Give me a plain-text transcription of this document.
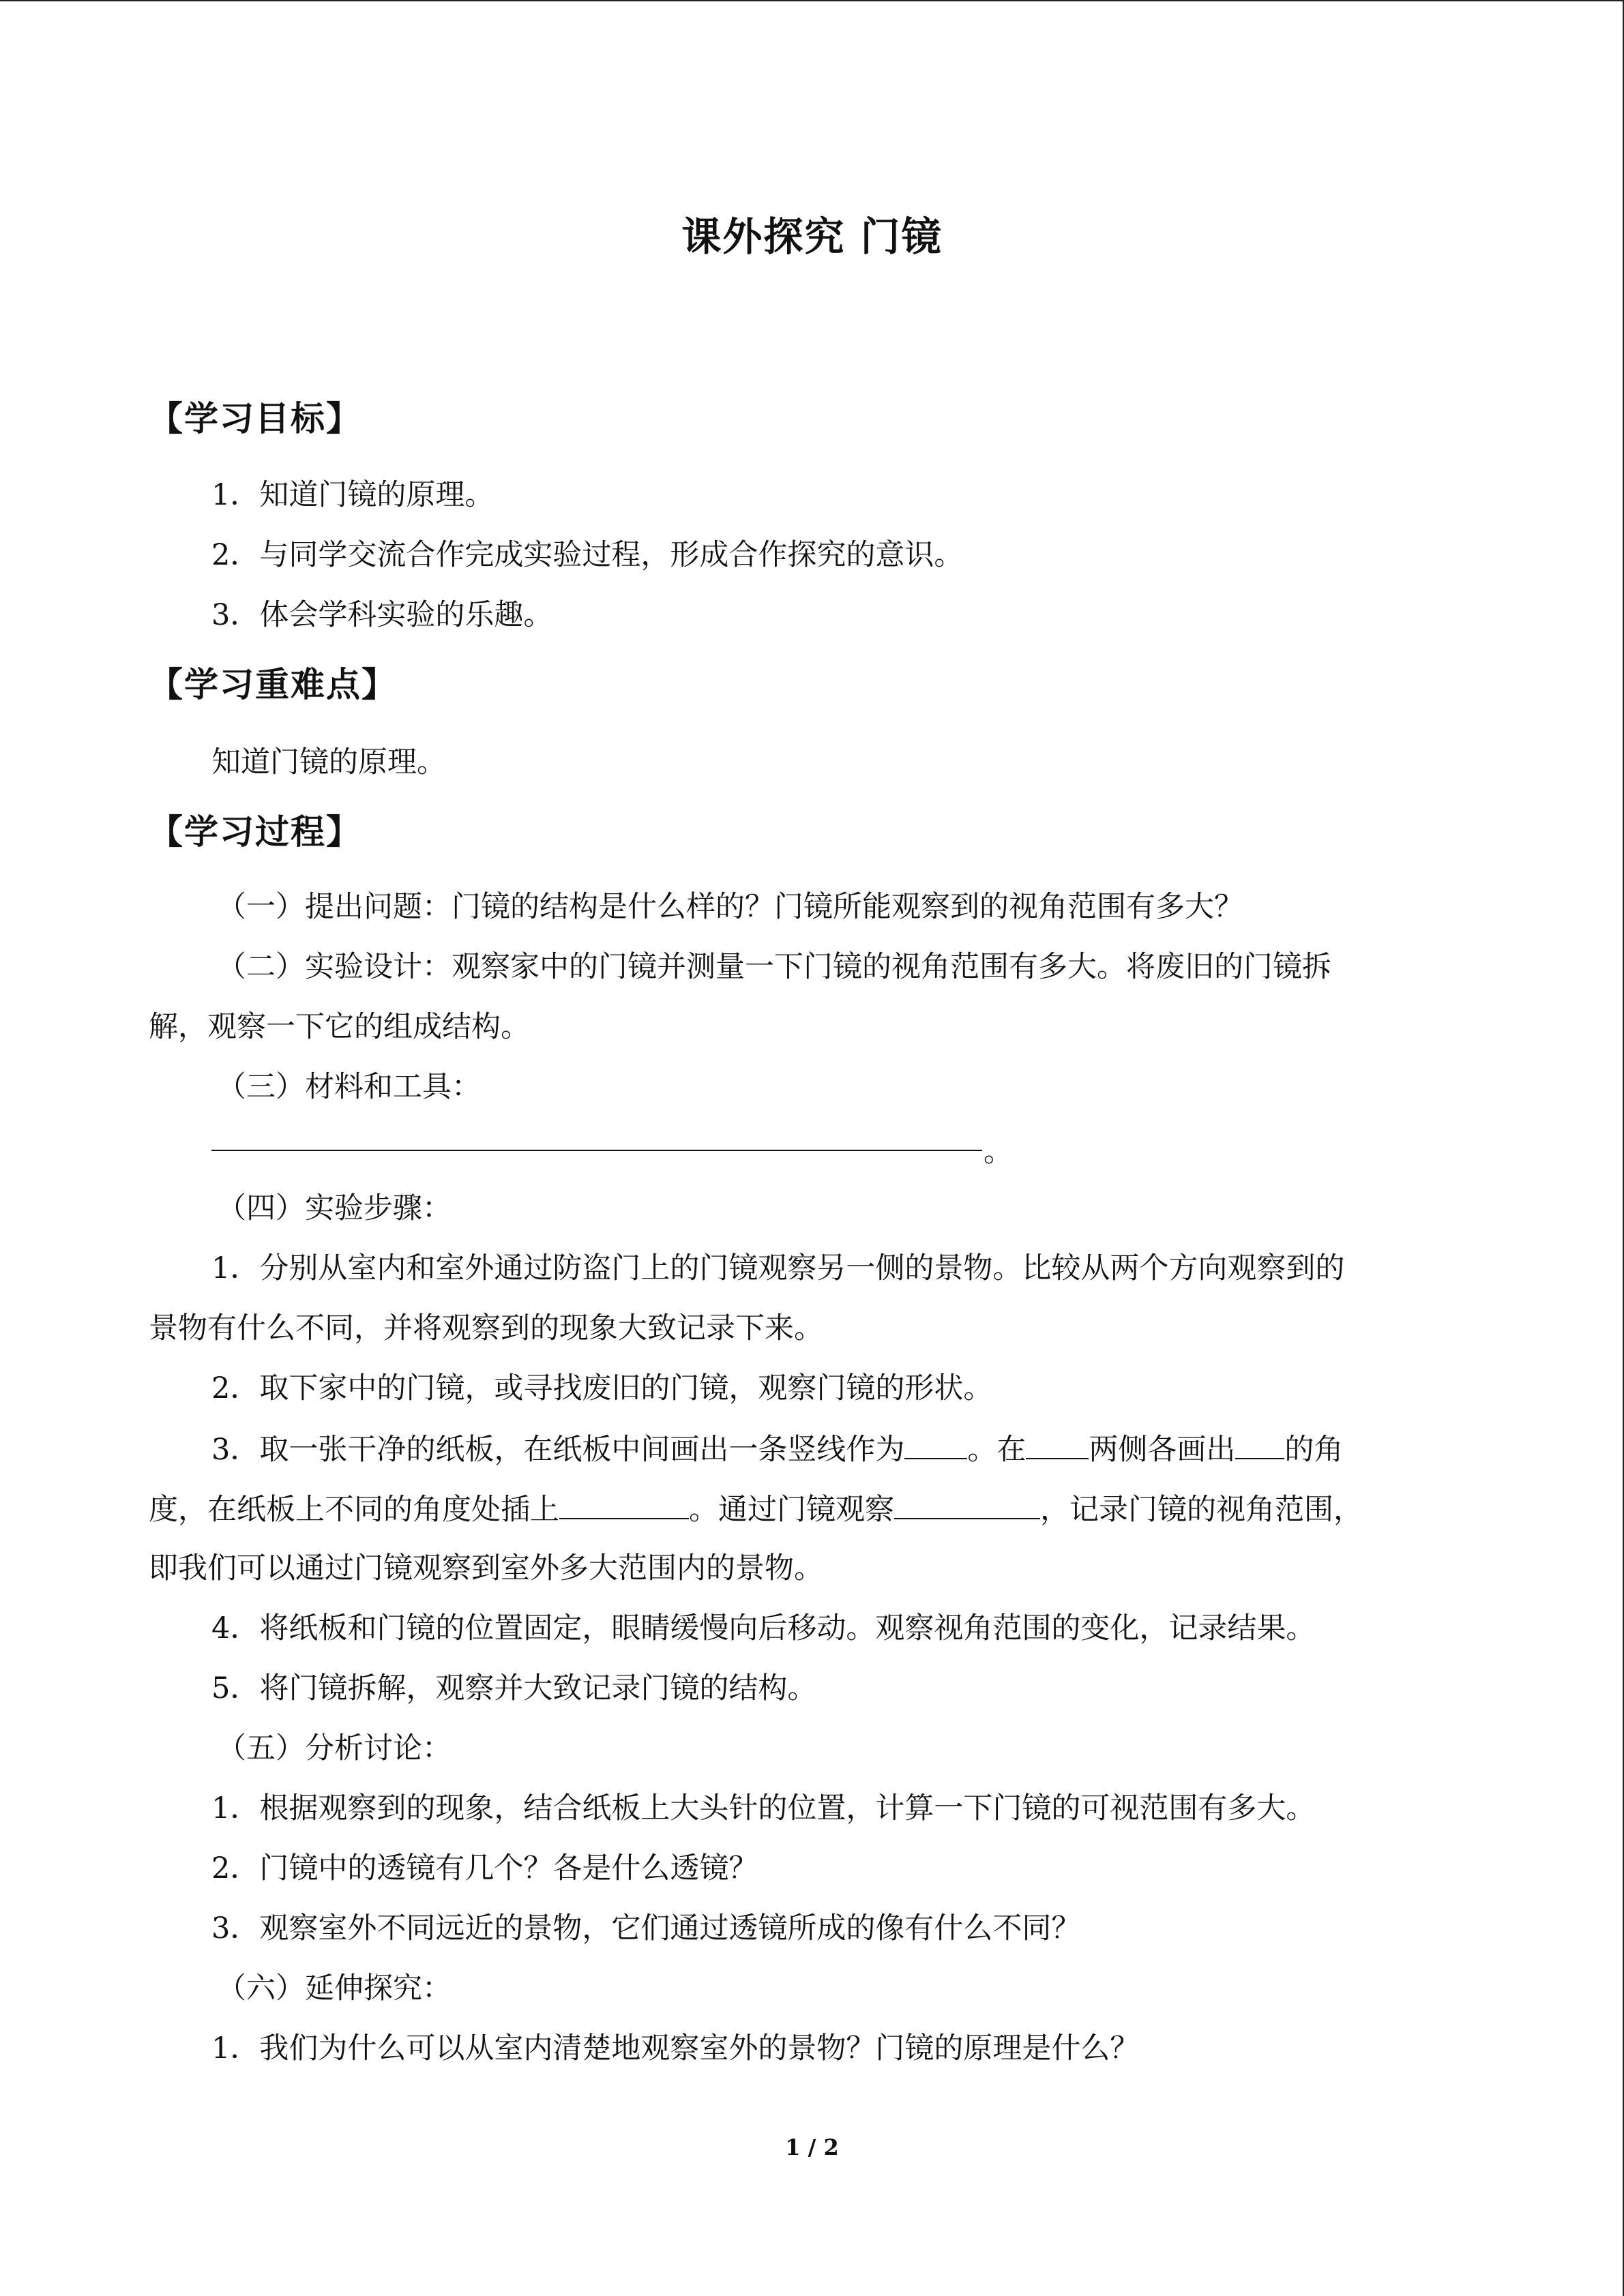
课外探究 门镜
【学习目标】
1．知道门镜的原理。
2．与同学交流合作完成实验过程，形成合作探究的意识。
3．体会学科实验的乐趣。
【学习重难点】
知道门镜的原理。
【学习过程】
（一）提出问题：门镜的结构是什么样的？门镜所能观察到的视角范围有多大？
（二）实验设计：观察家中的门镜并测量一下门镜的视角范围有多大。将废旧的门镜拆
解，观察一下它的组成结构。
（三）材料和工具：
。
（四）实验步骤：
1．分别从室内和室外通过防盗门上的门镜观察另一侧的景物。比较从两个方向观察到的
景物有什么不同，并将观察到的现象大致记录下来。
2．取下家中的门镜，或寻找废旧的门镜，观察门镜的形状。
3．取一张干净的纸板，在纸板中间画出一条竖线作为 。在 两侧各画出 的角
度，在纸板上不同的角度处插上	。通过门镜观察	，记录门镜的视角范围，
即我们可以通过门镜观察到室外多大范围内的景物。
4．将纸板和门镜的位置固定，眼睛缓慢向后移动。观察视角范围的变化，记录结果。
5．将门镜拆解，观察并大致记录门镜的结构。
（五）分析讨论：
1．根据观察到的现象，结合纸板上大头针的位置，计算一下门镜的可视范围有多大。
2．门镜中的透镜有几个？各是什么透镜？
3．观察室外不同远近的景物，它们通过透镜所成的像有什么不同？
（六）延伸探究：
1．我们为什么可以从室内清楚地观察室外的景物？门镜的原理是什么？
1 / 2
